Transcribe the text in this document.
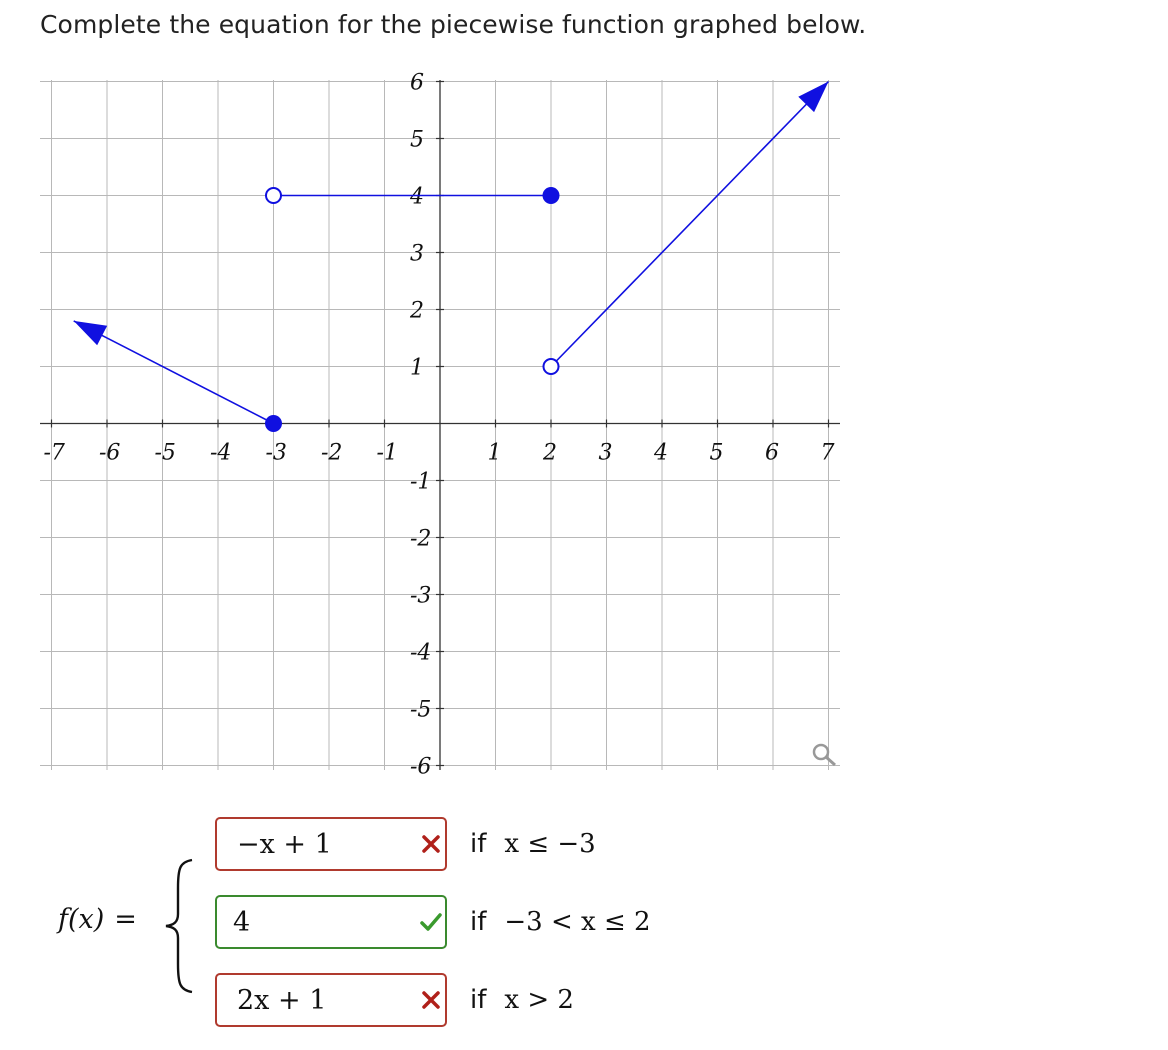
Complete the equation for the piecewise function graphed below.
-7 -6 -5 -4 -3 -2 -1	1 2 3 4 5 6 7
6
5
4
3
2
1
-1
-2
-3
-4
-5
-6
f(x) =
−x + 1
4
2x + 1
if x ≤ −3
if −3 < x ≤ 2
if x > 2
